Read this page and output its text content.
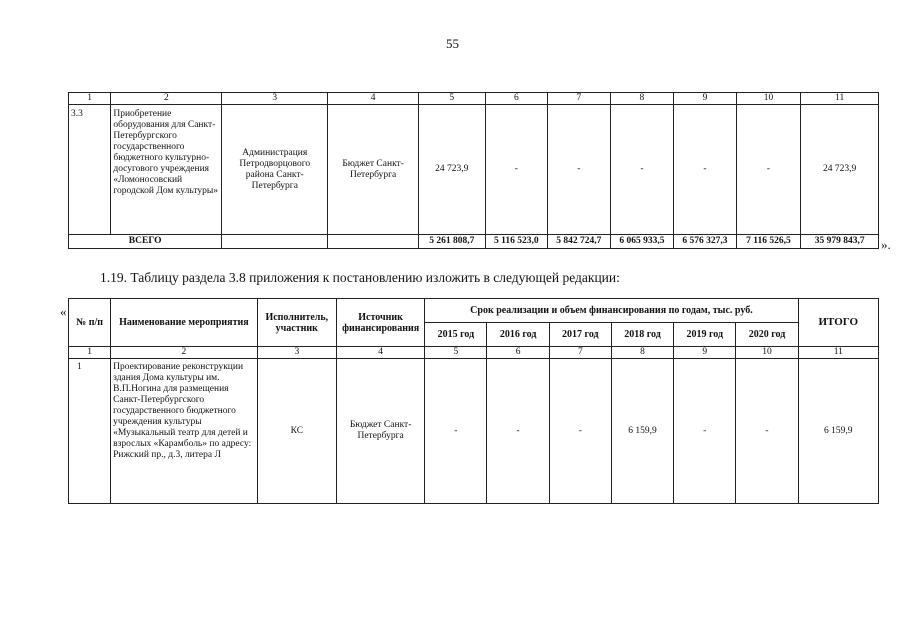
55
1	2	3	4	5	6	7	8	9	10	11
3.3	Приобретение оборудования для Санкт-Петербургского государственного бюджетного культурно-досугового учреждения «Ломоносовский городской Дом культуры»	Администрация Петродворцового района Санкт-Петербурга	Бюджет Санкт-Петербурга	24 723,9	-	-	-	-	-	24 723,9
ВСЕГО				5 261 808,7	5 116 523,0	5 842 724,7	6 065 933,5	6 576 327,3	7 116 526,5	35 979 843,7 ».
1.19. Таблицу раздела 3.8 приложения к постановлению изложить в следующей редакции:
«
№ п/п	Наименование мероприятия	Исполнитель, участник	Источник финансирования	Срок реализации и объем финансирования по годам, тыс. руб.						ИТОГО
				2015 год	2016 год	2017 год	2018 год	2019 год	2020 год	
1	2	3	4	5	6	7	8	9	10	11
1	Проектирование реконструкции здания Дома культуры им. В.П.Ногина для размещения Санкт-Петербургского государственного бюджетного учреждения культуры «Музыкальный театр для детей и взрослых «Карамболь» по адресу: Рижский пр., д.3, литера Л	КС	Бюджет Санкт-Петербурга	-	-	-	6 159,9	-	-	6 159,9
